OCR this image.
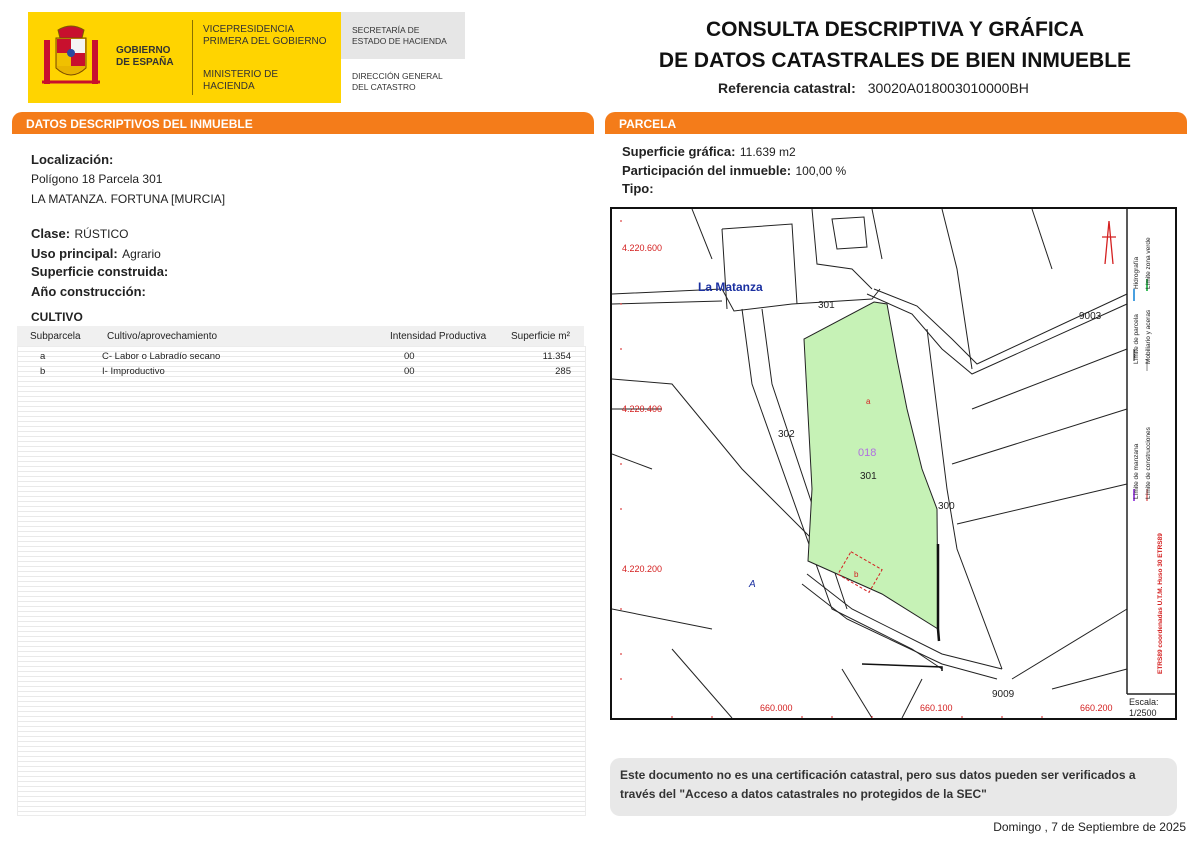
GOBIERNO DE ESPAÑA
VICEPRESIDENCIA PRIMERA DEL GOBIERNO
MINISTERIO DE HACIENDA
SECRETARÍA DE ESTADO DE HACIENDA
DIRECCIÓN GENERAL DEL CATASTRO
CONSULTA DESCRIPTIVA Y GRÁFICA
DE DATOS CATASTRALES DE BIEN INMUEBLE
Referencia catastral: 30020A018003010000BH
DATOS DESCRIPTIVOS DEL INMUEBLE
Localización:
Polígono 18 Parcela 301
LA MATANZA. FORTUNA [MURCIA]
Clase: RÚSTICO
Uso principal: Agrario
Superficie construida:
Año construcción:
CULTIVO
Subparcela	Cultivo/aprovechamiento	Intensidad Productiva Superficie m²
a	C- Labor o Labradío secano	00	11.354
b	I- Improductivo	00	285
PARCELA
Superficie gráfica: 11.639 m2
Participación del inmueble: 100,00 %
Tipo:
A
a
b
La Matanza
301
302
301
300
9003
9009
018
4.220.600
4.220.400
4.220.200
660.000	660.100	660.200
Límite de manzana
Límite de parcela
Límite de construcciones
Mobiliario y aceras
Límite zona verde
Hidrografía
ETRS89 coordenadas U.T.M. Huso 30 ETRS89
Escala:
1/2500
Este documento no es una certificación catastral, pero sus datos pueden ser verificados a través del "Acceso a datos catastrales no protegidos de la SEC"
Domingo , 7 de Septiembre de 2025
